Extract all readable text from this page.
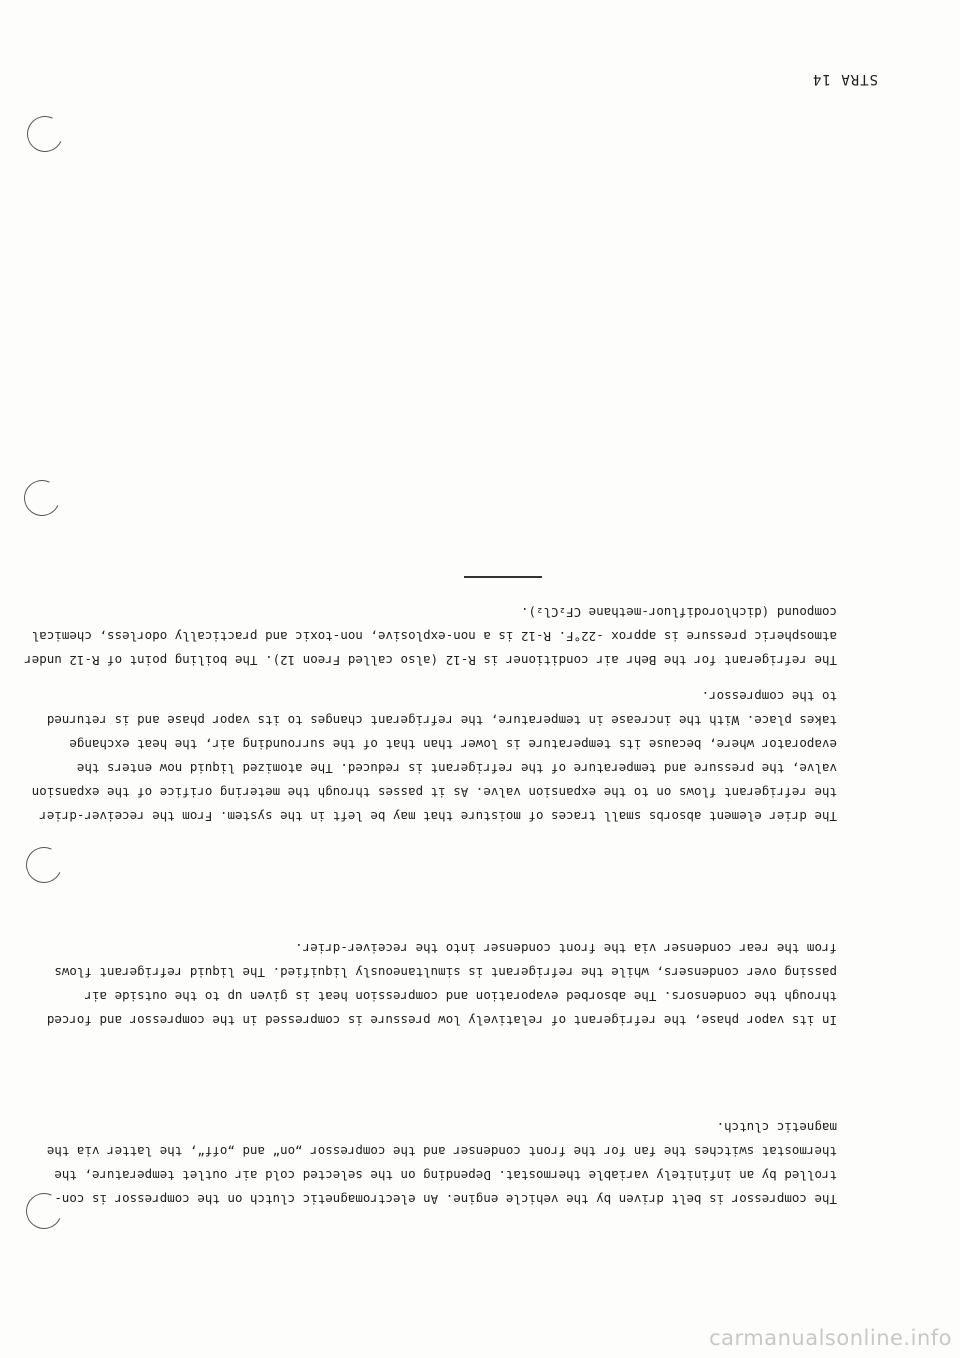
STRA 14
The compressor is belt driven by the vehicle engine. An electromagnetic clutch on the compressor is con-
trolled by an infinitely variable thermostat. Depending on the selected cold air outlet temperature, the
thermostat switches the fan for the front condenser and the compressor „on“ and „off“, the latter via the
magnetic clutch.
In its vapor phase, the refrigerant of relatively low pressure is compressed in the compressor and forced
through the condensors. The absorbed evaporation and compression heat is given up to the outside air
passing over condensers, while the refrigerant is simultaneously liquified. The liquid refrigerant flows
from the rear condenser via the front condenser into the receiver-drier.
The drier element absorbs small traces of moisture that may be left in the system. From the receiver-drier
the refrigerant flows on to the expansion valve. As it passes through the metering orifice of the expansion
valve, the pressure and temperature of the refrigerant is reduced. The atomized liquid now enters the
evaporator where, because its temperature is lower than that of the surrounding air, the heat exchange
takes place. With the increase in temperature, the refrigerant changes to its vapor phase and is returned
to the compressor.
The refrigerant for the Behr air conditioner is R-12 (also called Freon 12). The boiling point of R-12 under
atmospheric pressure is approx -22°F. R-12 is a non-explosive, non-toxic and practically odorless, chemical
compound (dichlorodifluor-methane CF₂Cl₂).
carmanualsonline.info
